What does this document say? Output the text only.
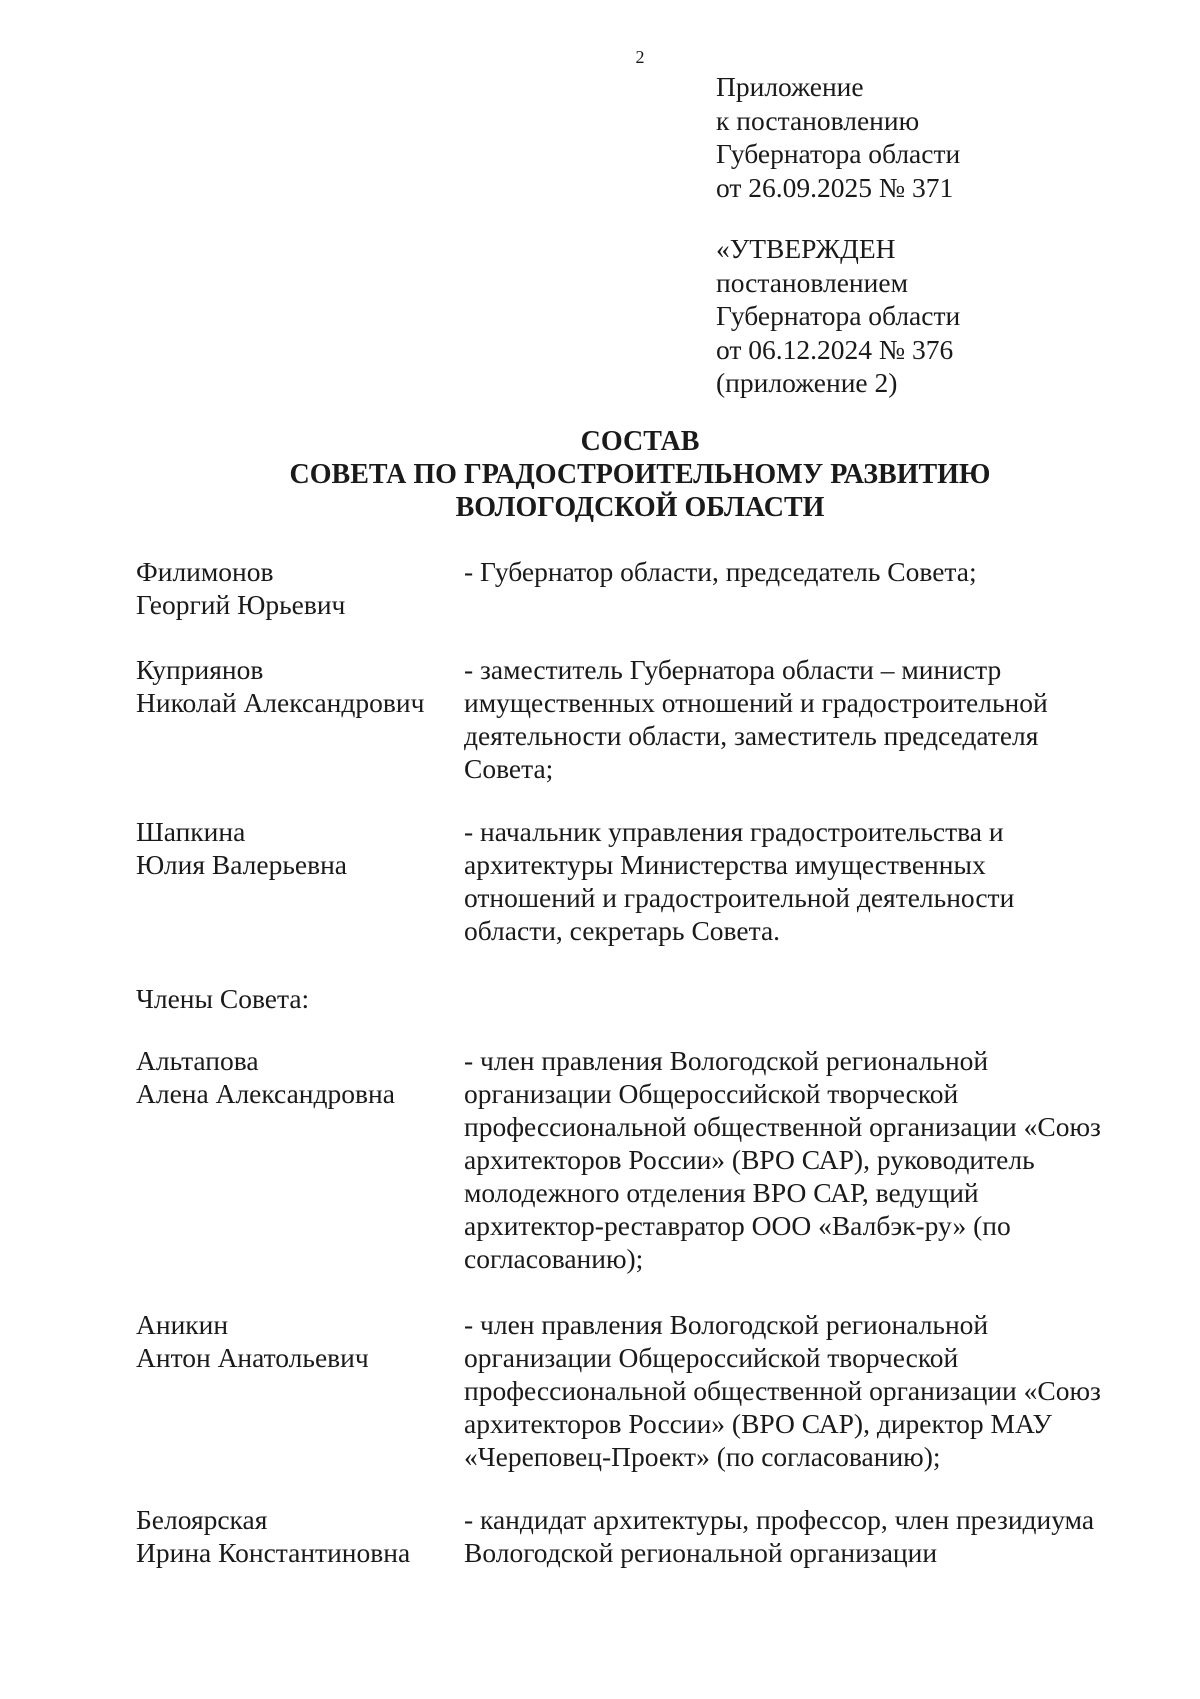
2
Приложение
к постановлению
Губернатора области
от 26.09.2025 № 371
«УТВЕРЖДЕН
постановлением
Губернатора области
от 06.12.2024 № 376
(приложение 2)
СОСТАВ
СОВЕТА ПО ГРАДОСТРОИТЕЛЬНОМУ РАЗВИТИЮ
ВОЛОГОДСКОЙ ОБЛАСТИ
Филимонов
Георгий Юрьевич
- Губернатор области, председатель Совета;
Куприянов
Николай Александрович
- заместитель Губернатора области – министр
имущественных отношений и градостроительной
деятельности области, заместитель председателя
Совета;
Шапкина
Юлия Валерьевна
- начальник управления градостроительства и
архитектуры Министерства имущественных
отношений и градостроительной деятельности
области, секретарь Совета.
Члены Совета:
Альтапова
Алена Александровна
- член правления Вологодской региональной
организации Общероссийской творческой
профессиональной общественной организации «Союз
архитекторов России» (ВРО САР), руководитель
молодежного отделения ВРО САР, ведущий
архитектор-реставратор ООО «Валбэк-ру» (по
согласованию);
Аникин
Антон Анатольевич
- член правления Вологодской региональной
организации Общероссийской творческой
профессиональной общественной организации «Союз
архитекторов России» (ВРО САР), директор МАУ
«Череповец-Проект» (по согласованию);
Белоярская
Ирина Константиновна
- кандидат архитектуры, профессор, член президиума
Вологодской региональной организации
